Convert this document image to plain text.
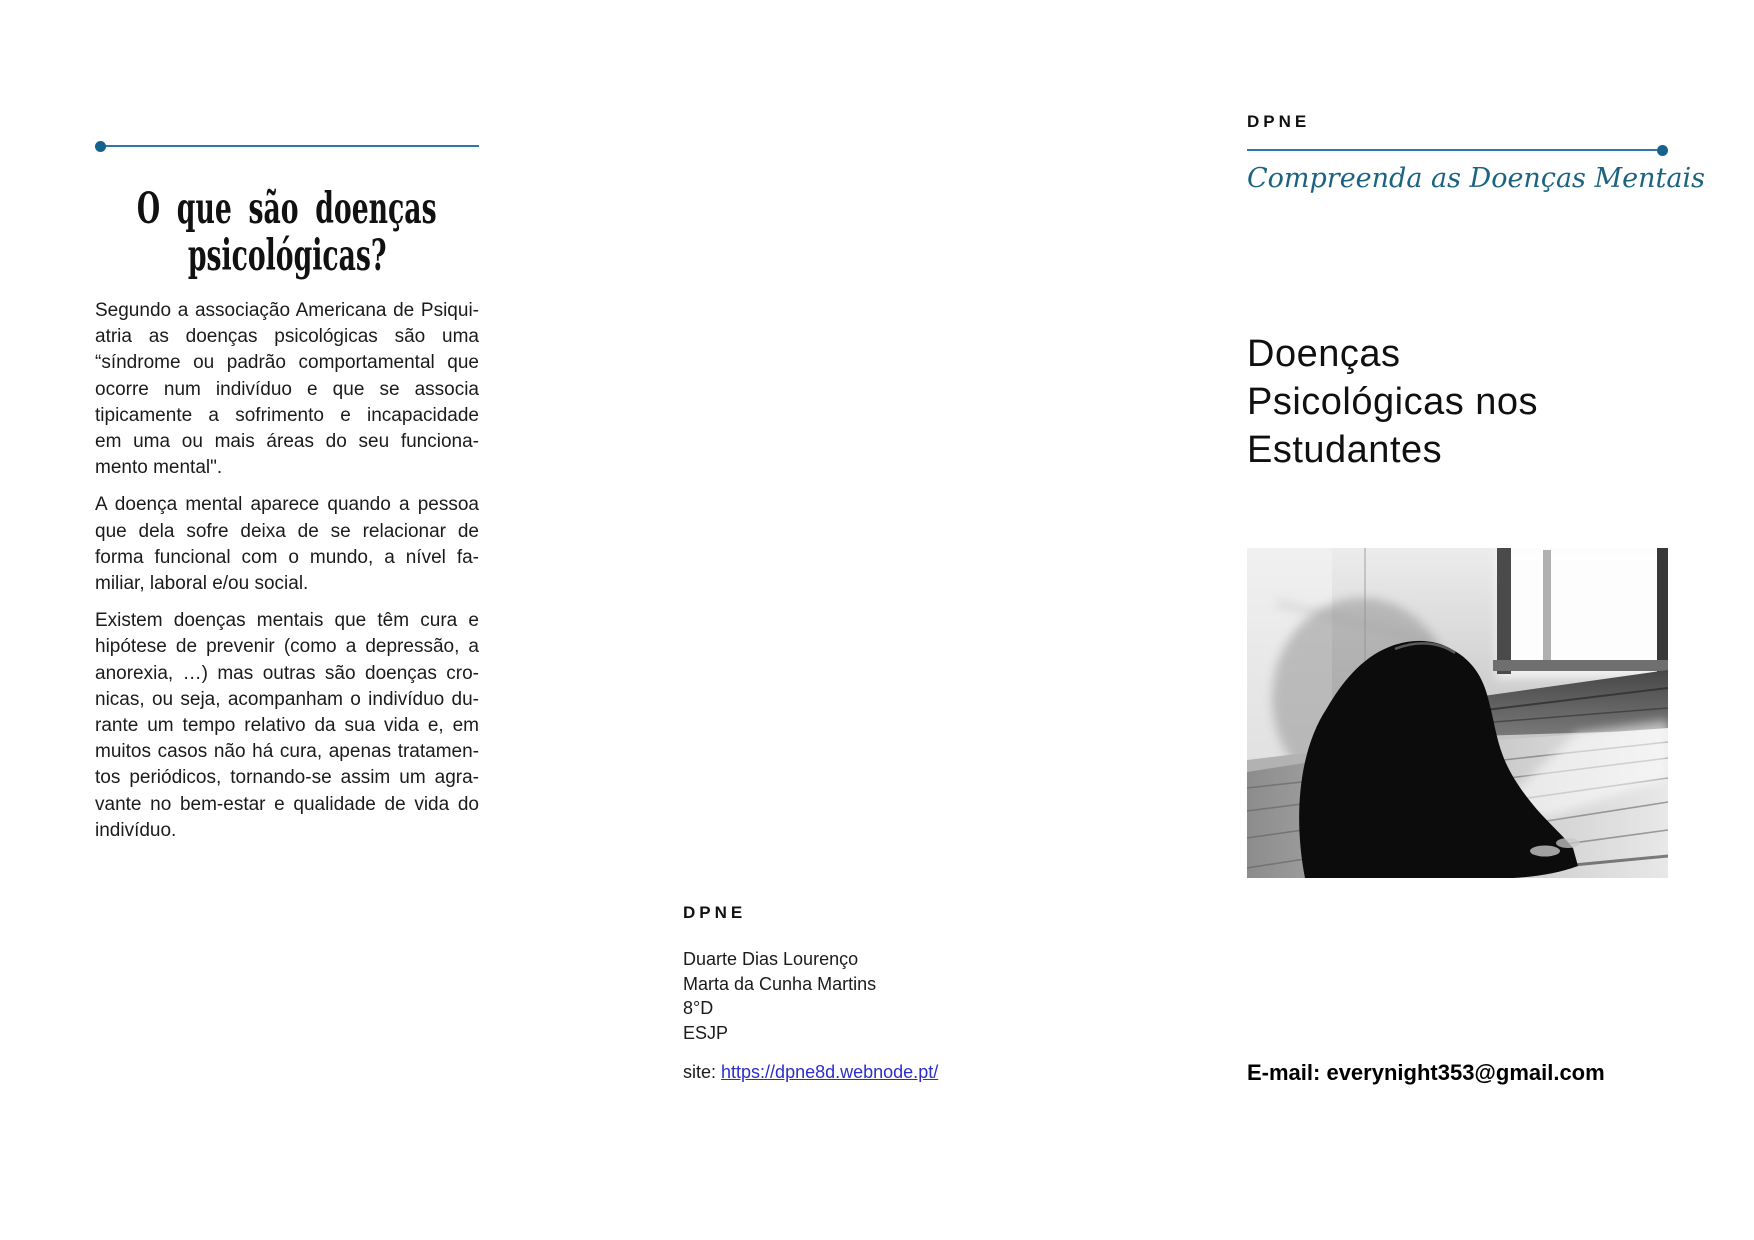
O que são doenças
psicológicas?
Segundo a associação Americana de Psiqui-
atria as doenças psicológicas são uma
“síndrome ou padrão comportamental que
ocorre num indivíduo e que se associa
tipicamente a sofrimento e incapacidade
em uma ou mais áreas do seu funciona-
mento mental".
A doença mental aparece quando a pessoa
que dela sofre deixa de se relacionar de
forma funcional com o mundo, a nível fa-
miliar, laboral e/ou social.
Existem doenças mentais que têm cura e
hipótese de prevenir (como a depressão, a
anorexia, …) mas outras são doenças cro-
nicas, ou seja, acompanham o indivíduo du-
rante um tempo relativo da sua vida e, em
muitos casos não há cura, apenas tratamen-
tos periódicos, tornando-se assim um agra-
vante no bem-estar e qualidade de vida do
indivíduo.
DPNE
Duarte Dias Lourenço
Marta da Cunha Martins
8°D
ESJP
site: https://dpne8d.webnode.pt/
DPNE
Compreenda as Doenças Mentais
Doenças
Psicológicas nos
Estudantes
E-mail: everynight353@gmail.com
